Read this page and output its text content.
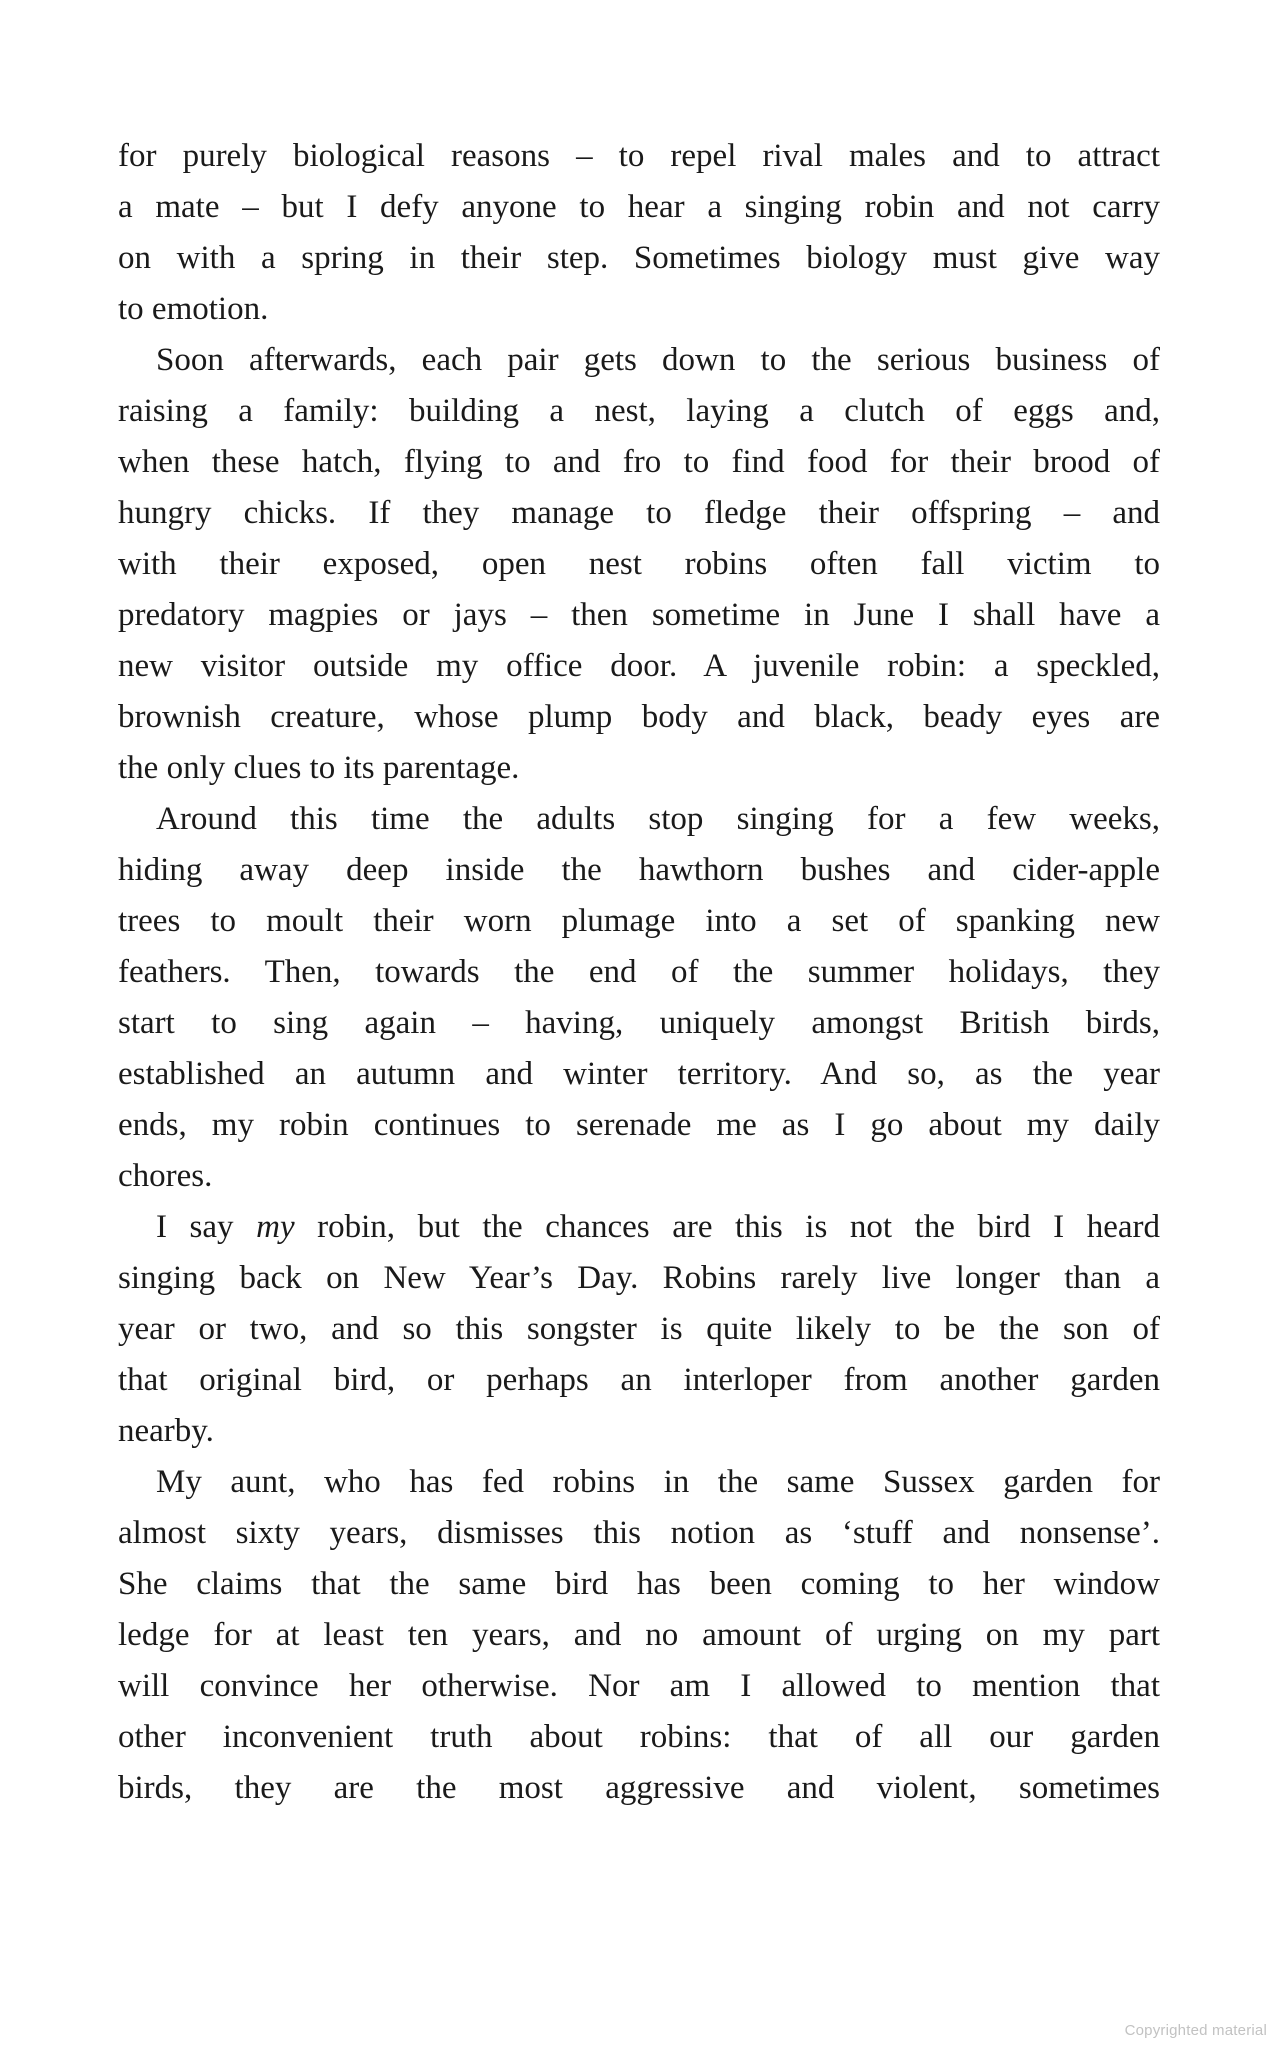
for purely biological reasons – to repel rival males and to attract
a mate – but I defy anyone to hear a singing robin and not carry
on with a spring in their step. Sometimes biology must give way
to emotion.
Soon afterwards, each pair gets down to the serious business of
raising a family: building a nest, laying a clutch of eggs and,
when these hatch, flying to and fro to find food for their brood of
hungry chicks. If they manage to fledge their offspring – and
with their exposed, open nest robins often fall victim to
predatory magpies or jays – then sometime in June I shall have a
new visitor outside my office door. A juvenile robin: a speckled,
brownish creature, whose plump body and black, beady eyes are
the only clues to its parentage.
Around this time the adults stop singing for a few weeks,
hiding away deep inside the hawthorn bushes and cider-apple
trees to moult their worn plumage into a set of spanking new
feathers. Then, towards the end of the summer holidays, they
start to sing again – having, uniquely amongst British birds,
established an autumn and winter territory. And so, as the year
ends, my robin continues to serenade me as I go about my daily
chores.
I say my robin, but the chances are this is not the bird I heard
singing back on New Year’s Day. Robins rarely live longer than a
year or two, and so this songster is quite likely to be the son of
that original bird, or perhaps an interloper from another garden
nearby.
My aunt, who has fed robins in the same Sussex garden for
almost sixty years, dismisses this notion as ‘stuff and nonsense’.
She claims that the same bird has been coming to her window
ledge for at least ten years, and no amount of urging on my part
will convince her otherwise. Nor am I allowed to mention that
other inconvenient truth about robins: that of all our garden
birds, they are the most aggressive and violent, sometimes
Copyrighted material
